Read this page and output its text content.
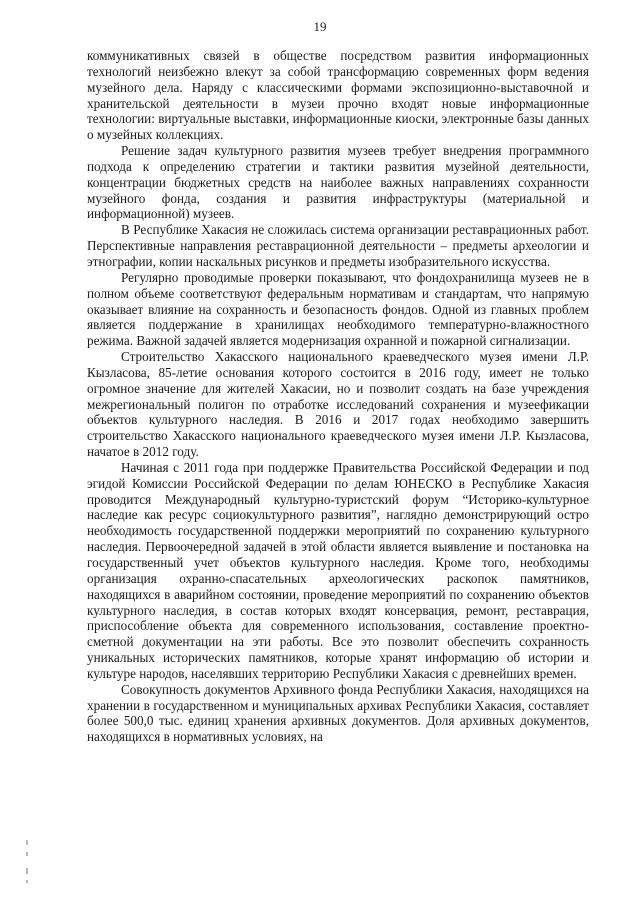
19

коммуникативных связей в обществе посредством развития информационных технологий неизбежно влекут за собой трансформацию современных форм ведения музейного дела. Наряду с классическими формами экспозиционно-выставочной и хранительской деятельности в музеи прочно входят новые информационные технологии: виртуальные выставки, информационные киоски, электронные базы данных о музейных коллекциях.

Решение задач культурного развития музеев требует внедрения программного подхода к определению стратегии и тактики развития музейной деятельности, концентрации бюджетных средств на наиболее важных направлениях сохранности музейного фонда, создания и развития инфраструктуры (материальной и информационной) музеев.

В Республике Хакасия не сложилась система организации реставрационных работ. Перспективные направления реставрационной деятельности – предметы археологии и этнографии, копии наскальных рисунков и предметы изобразительного искусства.

Регулярно проводимые проверки показывают, что фондохранилища музеев не в полном объеме соответствуют федеральным нормативам и стандартам, что напрямую оказывает влияние на сохранность и безопасность фондов. Одной из главных проблем является поддержание в хранилищах необходимого температурно-влажностного режима. Важной задачей является модернизация охранной и пожарной сигнализации.

Строительство Хакасского национального краеведческого музея имени Л.Р. Кызласова, 85-летие основания которого состоится в 2016 году, имеет не только огромное значение для жителей Хакасии, но и позволит создать на базе учреждения межрегиональный полигон по отработке исследований сохранения и музеефикации объектов культурного наследия. В 2016 и 2017 годах необходимо завершить строительство Хакасского национального краеведческого музея имени Л.Р. Кызласова, начатое в 2012 году.

Начиная с 2011 года при поддержке Правительства Российской Федерации и под эгидой Комиссии Российской Федерации по делам ЮНЕСКО в Республике Хакасия проводится Международный культурно-туристский форум “Историко-культурное наследие как ресурс социокультурного развития”, наглядно демонстрирующий остро необходимость государственной поддержки мероприятий по сохранению культурного наследия. Первоочередной задачей в этой области является выявление и постановка на государственный учет объектов культурного наследия. Кроме того, необходимы организация охранно-спасательных археологических раскопок памятников, находящихся в аварийном состоянии, проведение мероприятий по сохранению объектов культурного наследия, в состав которых входят консервация, ремонт, реставрация, приспособление объекта для современного использования, составление проектно-сметной документации на эти работы. Все это позволит обеспечить сохранность уникальных исторических памятников, которые хранят информацию об истории и культуре народов, населявших территорию Республики Хакасия с древнейших времен.

Совокупность документов Архивного фонда Республики Хакасия, находящихся на хранении в государственном и муниципальных архивах Республики Хакасия, составляет более 500,0 тыс. единиц хранения архивных документов. Доля архивных документов, находящихся в нормативных условиях, на
